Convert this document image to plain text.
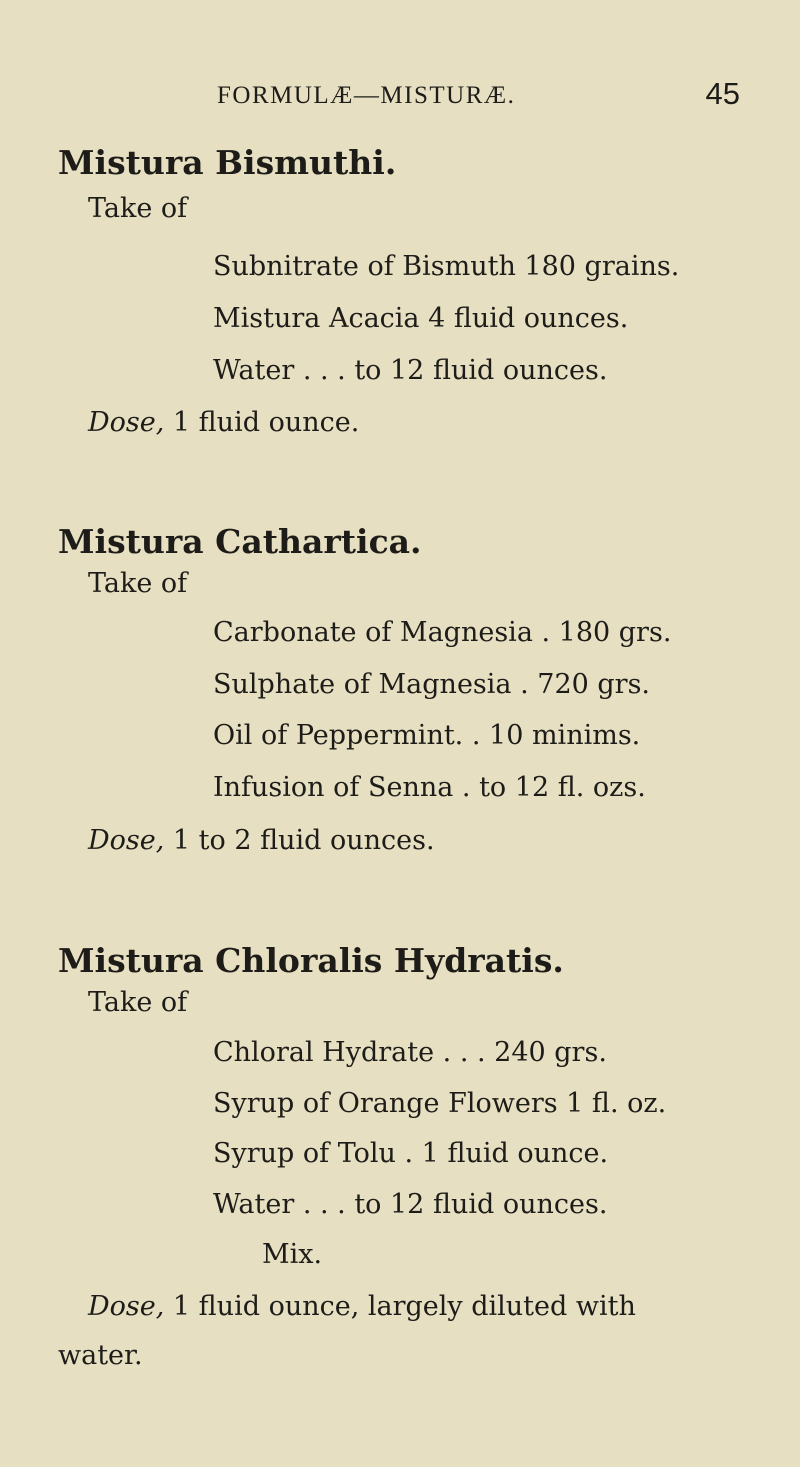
FORMULÆ—MISTURÆ.	45
Mistura Bismuthi.
Take of
Subnitrate of Bismuth 180 grains.
Mistura Acacia 4 fluid ounces.
Water . . . to 12 fluid ounces.
Dose, 1 fluid ounce.
Mistura Cathartica.
Take of
Carbonate of Magnesia . 180 grs.
Sulphate of Magnesia . 720 grs.
Oil of Peppermint. . 10 minims.
Infusion of Senna . to 12 fl. ozs.
Dose, 1 to 2 fluid ounces.
Mistura Chloralis Hydratis.
Take of
Chloral Hydrate . . . 240 grs.
Syrup of Orange Flowers 1 fl. oz.
Syrup of Tolu . 1 fluid ounce.
Water . . . to 12 fluid ounces.
Mix.
Dose, 1 fluid ounce, largely diluted with
water.
